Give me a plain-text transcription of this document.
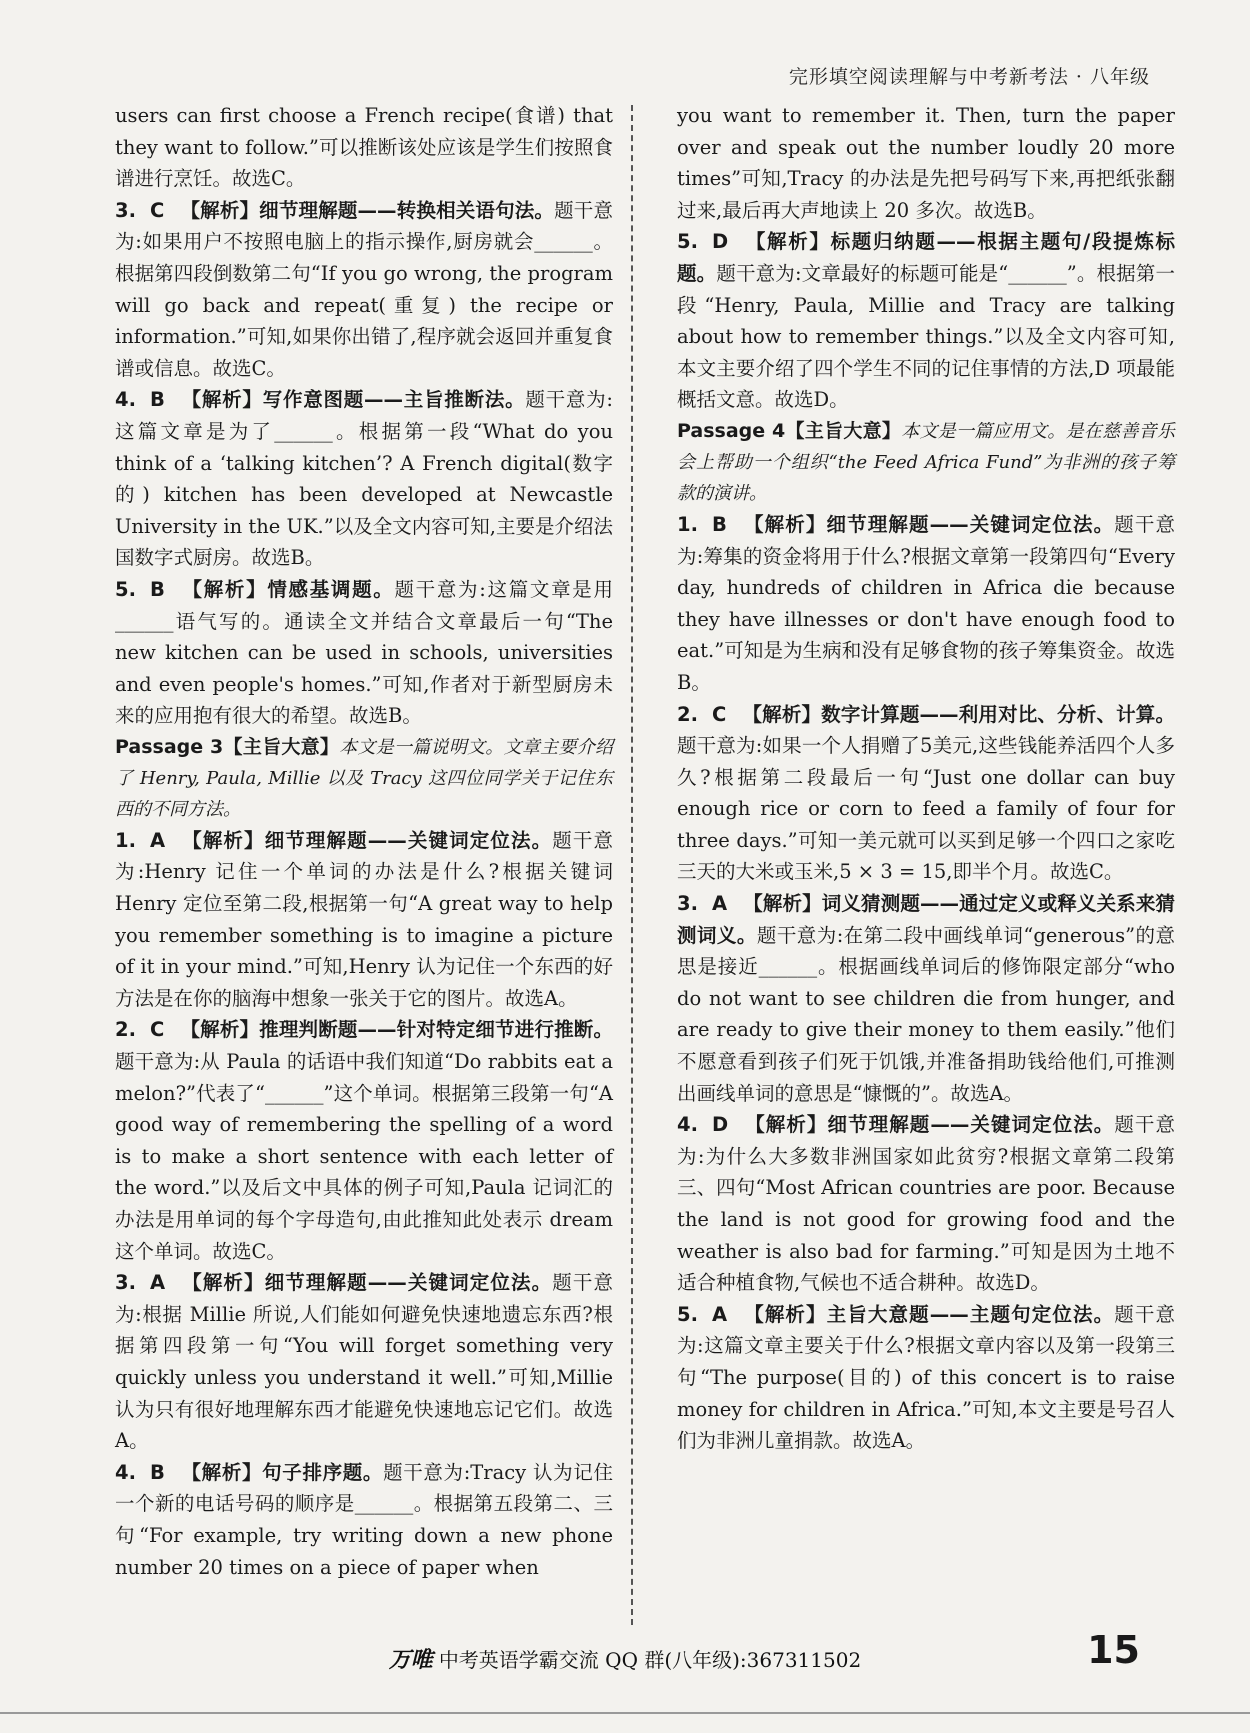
完形填空阅读理解与中考新考法 · 八年级

users can first choose a French recipe(食谱) that they want to follow.”可以推断该处应该是学生们按照食谱进行烹饪。故选C。

3. C 【解析】细节理解题——转换相关语句法。题干意为:如果用户不按照电脑上的指示操作,厨房就会______。根据第四段倒数第二句“If you go wrong, the program will go back and repeat(重复) the recipe or information.”可知,如果你出错了,程序就会返回并重复食谱或信息。故选C。

4. B 【解析】写作意图题——主旨推断法。题干意为:这篇文章是为了______。根据第一段“What do you think of a ‘talking kitchen’? A French digital(数字的) kitchen has been developed at Newcastle University in the UK.”以及全文内容可知,主要是介绍法国数字式厨房。故选B。

5. B 【解析】情感基调题。题干意为:这篇文章是用______语气写的。通读全文并结合文章最后一句“The new kitchen can be used in schools, universities and even people's homes.”可知,作者对于新型厨房未来的应用抱有很大的希望。故选B。

Passage 3【主旨大意】本文是一篇说明文。文章主要介绍了 Henry, Paula, Millie 以及 Tracy 这四位同学关于记住东西的不同方法。

1. A 【解析】细节理解题——关键词定位法。题干意为:Henry 记住一个单词的办法是什么?根据关键词 Henry 定位至第二段,根据第一句“A great way to help you remember something is to imagine a picture of it in your mind.”可知,Henry 认为记住一个东西的好方法是在你的脑海中想象一张关于它的图片。故选A。

2. C 【解析】推理判断题——针对特定细节进行推断。题干意为:从 Paula 的话语中我们知道“Do rabbits eat a melon?”代表了“______”这个单词。根据第三段第一句“A good way of remembering the spelling of a word is to make a short sentence with each letter of the word.”以及后文中具体的例子可知,Paula 记词汇的办法是用单词的每个字母造句,由此推知此处表示 dream 这个单词。故选C。

3. A 【解析】细节理解题——关键词定位法。题干意为:根据 Millie 所说,人们能如何避免快速地遗忘东西?根据第四段第一句“You will forget something very quickly unless you understand it well.”可知,Millie 认为只有很好地理解东西才能避免快速地忘记它们。故选A。

4. B 【解析】句子排序题。题干意为:Tracy 认为记住一个新的电话号码的顺序是______。根据第五段第二、三句“For example, try writing down a new phone number 20 times on a piece of paper when

you want to remember it. Then, turn the paper over and speak out the number loudly 20 more times”可知,Tracy 的办法是先把号码写下来,再把纸张翻过来,最后再大声地读上 20 多次。故选B。

5. D 【解析】标题归纳题——根据主题句/段提炼标题。题干意为:文章最好的标题可能是“______”。根据第一段“Henry, Paula, Millie and Tracy are talking about how to remember things.”以及全文内容可知,本文主要介绍了四个学生不同的记住事情的方法,D 项最能概括文意。故选D。

Passage 4【主旨大意】本文是一篇应用文。是在慈善音乐会上帮助一个组织“the Feed Africa Fund”为非洲的孩子筹款的演讲。

1. B 【解析】细节理解题——关键词定位法。题干意为:筹集的资金将用于什么?根据文章第一段第四句“Every day, hundreds of children in Africa die because they have illnesses or don't have enough food to eat.”可知是为生病和没有足够食物的孩子筹集资金。故选B。

2. C 【解析】数字计算题——利用对比、分析、计算。题干意为:如果一个人捐赠了5美元,这些钱能养活四个人多久?根据第二段最后一句“Just one dollar can buy enough rice or corn to feed a family of four for three days.”可知一美元就可以买到足够一个四口之家吃三天的大米或玉米,5 × 3 = 15,即半个月。故选C。

3. A 【解析】词义猜测题——通过定义或释义关系来猜测词义。题干意为:在第二段中画线单词“generous”的意思是接近______。根据画线单词后的修饰限定部分“who do not want to see children die from hunger, and are ready to give their money to them easily.”他们不愿意看到孩子们死于饥饿,并准备捐助钱给他们,可推测出画线单词的意思是“慷慨的”。故选A。

4. D 【解析】细节理解题——关键词定位法。题干意为:为什么大多数非洲国家如此贫穷?根据文章第二段第三、四句“Most African countries are poor. Because the land is not good for growing food and the weather is also bad for farming.”可知是因为土地不适合种植食物,气候也不适合耕种。故选D。

5. A 【解析】主旨大意题——主题句定位法。题干意为:这篇文章主要关于什么?根据文章内容以及第一段第三句“The purpose(目的) of this concert is to raise money for children in Africa.”可知,本文主要是号召人们为非洲儿童捐款。故选A。

万唯 中考英语学霸交流 QQ 群(八年级):367311502	15
